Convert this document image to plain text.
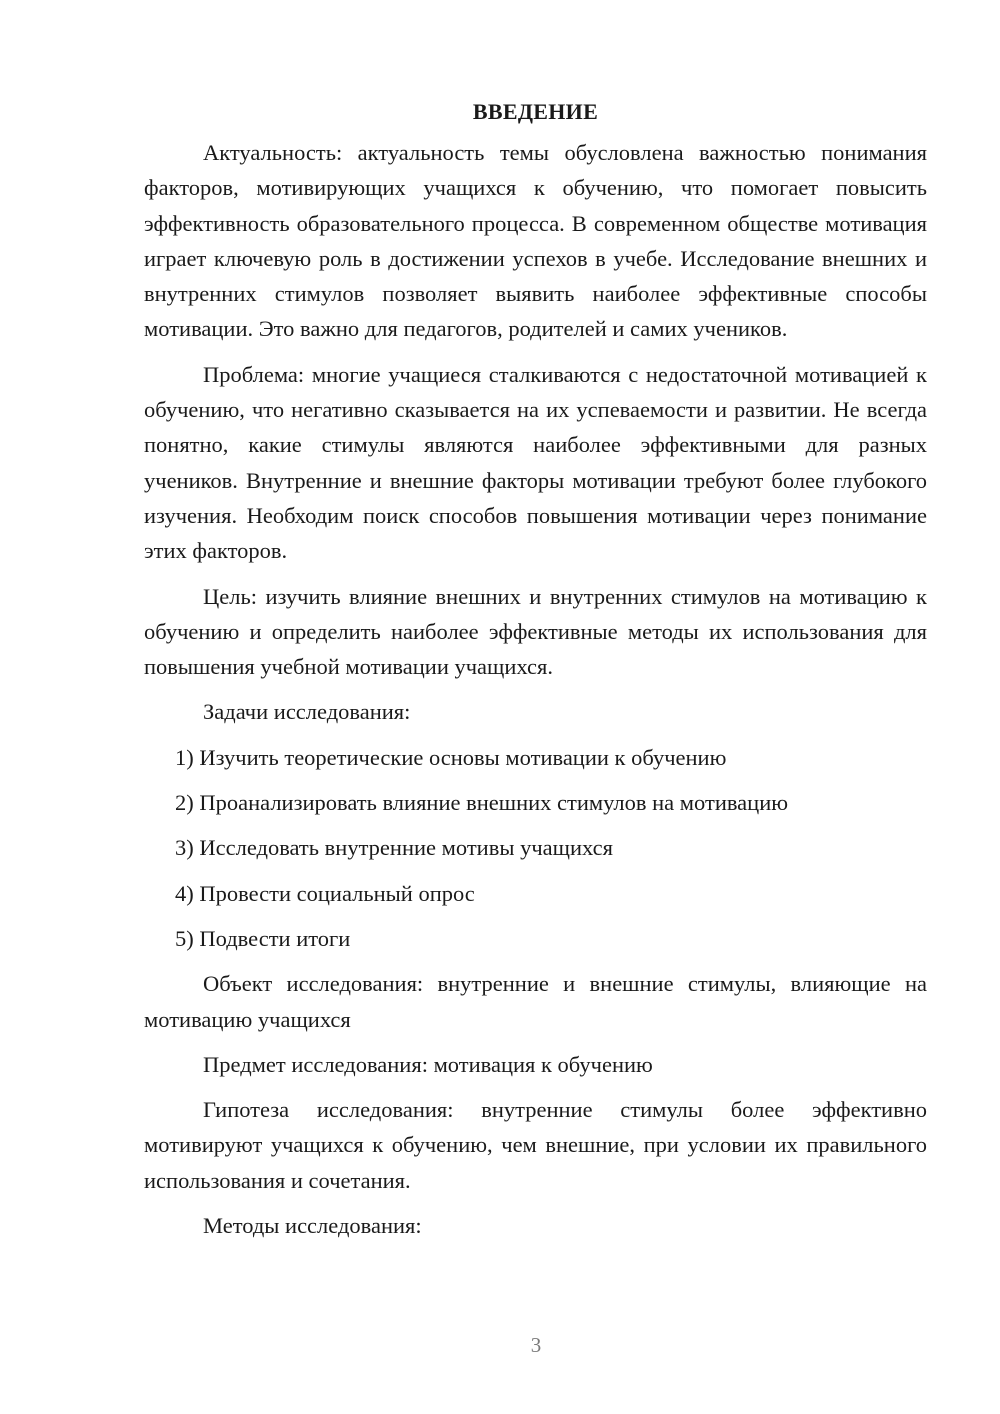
ВВЕДЕНИЕ

Актуальность: актуальность темы обусловлена важностью понимания факторов, мотивирующих учащихся к обучению, что помогает повысить эффективность образовательного процесса. В современном обществе мотивация играет ключевую роль в достижении успехов в учебе. Исследование внешних и внутренних стимулов позволяет выявить наиболее эффективные способы мотивации. Это важно для педагогов, родителей и самих учеников.

Проблема: многие учащиеся сталкиваются с недостаточной мотивацией к обучению, что негативно сказывается на их успеваемости и развитии. Не всегда понятно, какие стимулы являются наиболее эффективными для разных учеников. Внутренние и внешние факторы мотивации требуют более глубокого изучения. Необходим поиск способов повышения мотивации через понимание этих факторов.

Цель: изучить влияние внешних и внутренних стимулов на мотивацию к обучению и определить наиболее эффективные методы их использования для повышения учебной мотивации учащихся.

Задачи исследования:

1) Изучить теоретические основы мотивации к обучению
2) Проанализировать влияние внешних стимулов на мотивацию
3) Исследовать внутренние мотивы учащихся
4) Провести социальный опрос
5) Подвести итоги

Объект исследования: внутренние и внешние стимулы, влияющие на мотивацию учащихся

Предмет исследования: мотивация к обучению

Гипотеза исследования: внутренние стимулы более эффективно мотивируют учащихся к обучению, чем внешние, при условии их правильного использования и сочетания.

Методы исследования:

3
